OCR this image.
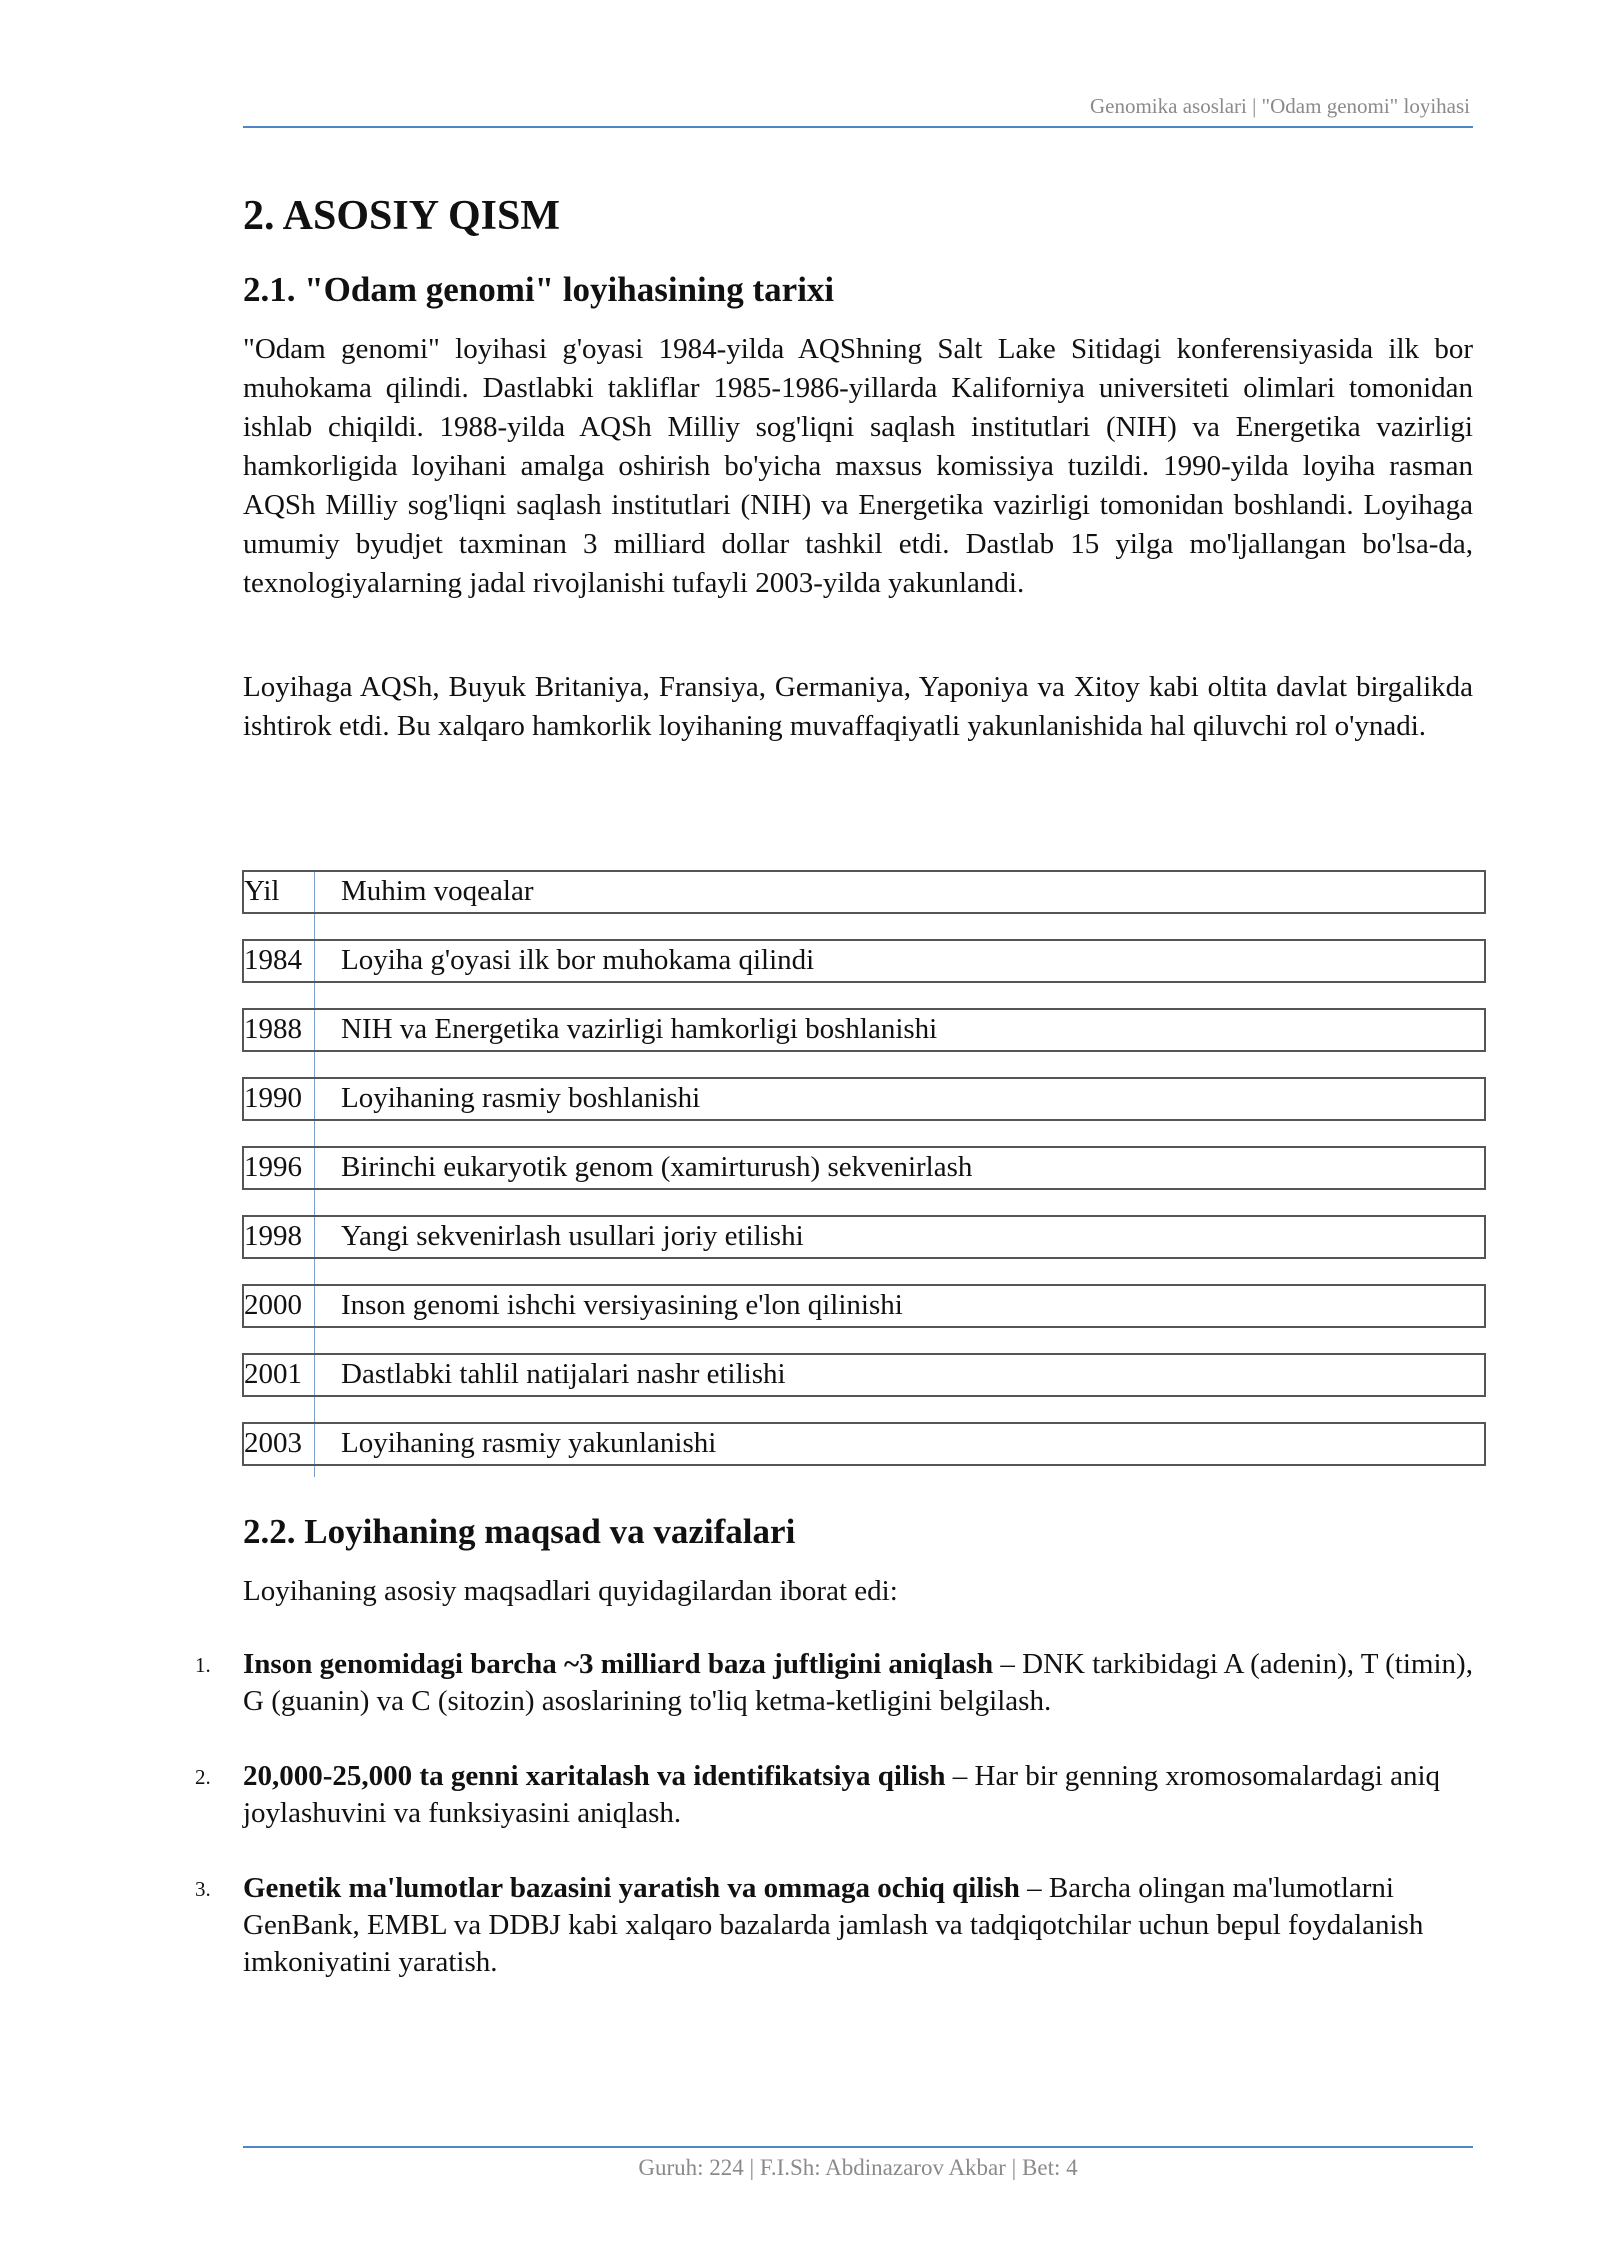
Genomika asoslari | "Odam genomi" loyihasi
2. ASOSIY QISM
2.1. "Odam genomi" loyihasining tarixi

"Odam genomi" loyihasi g'oyasi 1984-yilda AQShning Salt Lake Sitidagi konferensiyasida ilk bor muhokama qilindi. Dastlabki takliflar 1985-1986-yillarda Kaliforniya universiteti olimlari tomonidan ishlab chiqildi. 1988-yilda AQSh Milliy sog'liqni saqlash institutlari (NIH) va Energetika vazirligi hamkorligida loyihani amalga oshirish bo'yicha maxsus komissiya tuzildi. 1990-yilda loyiha rasman AQSh Milliy sog'liqni saqlash institutlari (NIH) va Energetika vazirligi tomonidan boshlandi. Loyihaga umumiy byudjet taxminan 3 milliard dollar tashkil etdi. Dastlab 15 yilga mo'ljallangan bo'lsa-da, texnologiyalarning jadal rivojlanishi tufayli 2003-yilda yakunlandi.

Loyihaga AQSh, Buyuk Britaniya, Fransiya, Germaniya, Yaponiya va Xitoy kabi oltita davlat birgalikda ishtirok etdi. Bu xalqaro hamkorlik loyihaning muvaffaqiyatli yakunlanishida hal qiluvchi rol o'ynadi.

Yil Muhim voqealar
1984 Loyiha g'oyasi ilk bor muhokama qilindi
1988 NIH va Energetika vazirligi hamkorligi boshlanishi
1990 Loyihaning rasmiy boshlanishi
1996 Birinchi eukaryotik genom (xamirturush) sekvenirlash
1998 Yangi sekvenirlash usullari joriy etilishi
2000 Inson genomi ishchi versiyasining e'lon qilinishi
2001 Dastlabki tahlil natijalari nashr etilishi
2003 Loyihaning rasmiy yakunlanishi
2.2. Loyihaning maqsad va vazifalari

Loyihaning asosiy maqsadlari quyidagilardan iborat edi:

1. Inson genomidagi barcha ~3 milliard baza juftligini aniqlash – DNK tarkibidagi A (adenin), T (timin), G (guanin) va C (sitozin) asoslarining to'liq ketma-ketligini belgilash.
2. 20,000-25,000 ta genni xaritalash va identifikatsiya qilish – Har bir genning xromosomalardagi aniq joylashuvini va funksiyasini aniqlash.
3. Genetik ma'lumotlar bazasini yaratish va ommaga ochiq qilish – Barcha olingan ma'lumotlarni GenBank, EMBL va DDBJ kabi xalqaro bazalarda jamlash va tadqiqotchilar uchun bepul foydalanish imkoniyatini yaratish.
Guruh: 224 | F.I.Sh: Abdinazarov Akbar | Bet: 4
